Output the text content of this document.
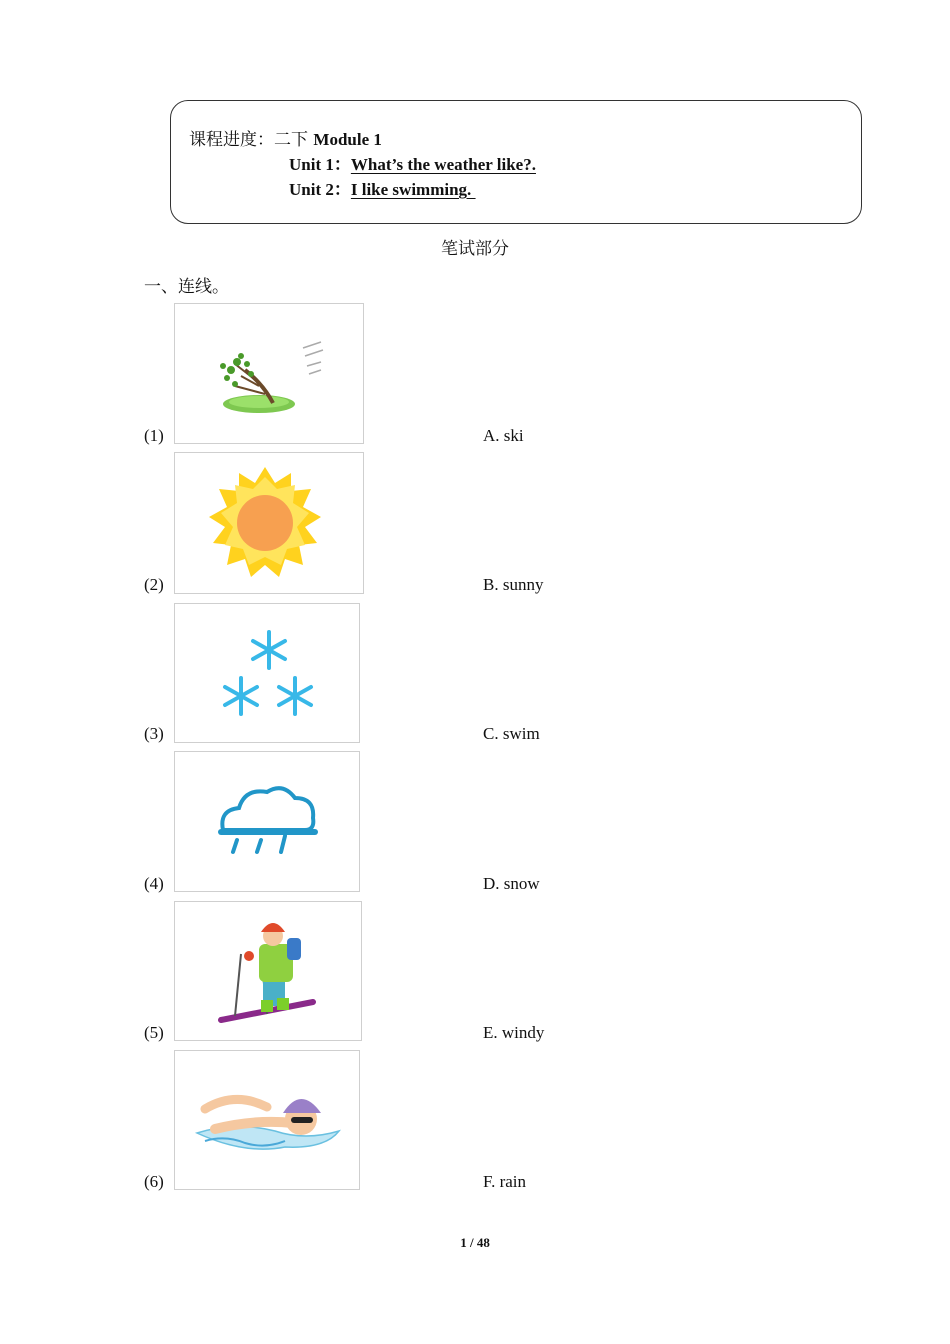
课程进度：二下 Module 1
Unit 1：What’s the weather like?.
Unit 2：I like swimming.
笔试部分
一、连线。
(1)	A. ski
(2)	B. sunny
(3)	C. swim
(4)	D. snow
(5)	E. windy
(6)	F. rain
1 / 48
